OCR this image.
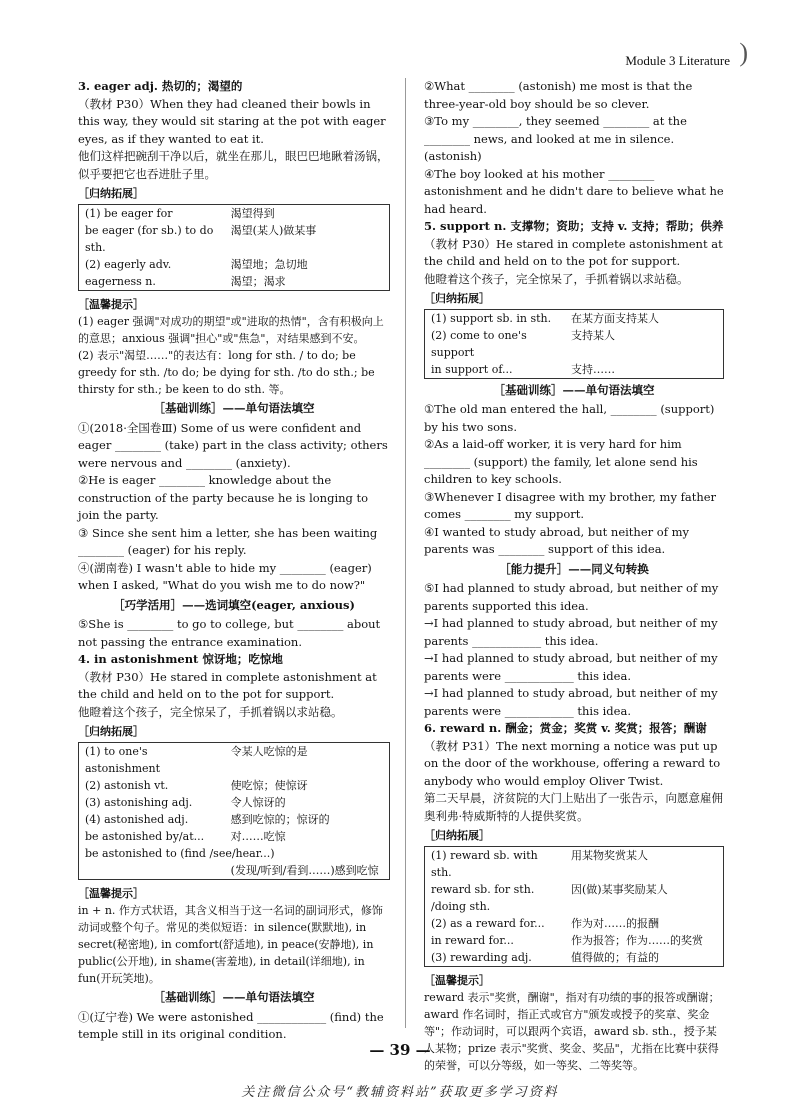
Module 3 Literature )

3. eager adj. 热切的；渴望的

（教材 P30）When they had cleaned their bowls in this way, they would sit staring at the pot with eager eyes, as if they wanted to eat it.

他们这样把碗刮干净以后，就坐在那儿，眼巴巴地瞅着汤锅，似乎要把它也吞进肚子里。

［归纳拓展］
(1) be eager for	渴望得到
be eager (for sb.) to do sth.	渴望(某人)做某事
(2) eagerly adv.	渴望地；急切地
eagerness n.	渴望；渴求
［温馨提示］

(1) eager 强调"对成功的期望"或"进取的热情"，含有积极向上的意思；anxious 强调"担心"或"焦急"，对结果感到不安。

(2) 表示"渴望……"的表达有：long for sth. / to do; be greedy for sth. /to do; be dying for sth. /to do sth.; be thirsty for sth.; be keen to do sth. 等。

［基础训练］——单句语法填空

①(2018·全国卷Ⅲ) Some of us were confident and eager ________ (take) part in the class activity; others were nervous and ________ (anxiety).

②He is eager ________ knowledge about the construction of the party because he is longing to join the party.

③ Since she sent him a letter, she has been waiting ________ (eager) for his reply.

④(湖南卷) I wasn't able to hide my ________ (eager) when I asked, "What do you wish me to do now?"

［巧学活用］——选词填空(eager, anxious)

⑤She is ________ to go to college, but ________ about not passing the entrance examination.

4. in astonishment 惊讶地；吃惊地

（教材 P30）He stared in complete astonishment at the child and held on to the pot for support.

他瞪着这个孩子，完全惊呆了，手抓着锅以求站稳。

［归纳拓展］
(1) to one's astonishment	令某人吃惊的是
(2) astonish vt.	使吃惊；使惊讶
(3) astonishing adj.	令人惊讶的
(4) astonished adj.	感到吃惊的；惊讶的
be astonished by/at...	对……吃惊
be astonished to (find /see/hear...)	
	(发现/听到/看到……)感到吃惊
［温馨提示］

in + n. 作方式状语，其含义相当于这一名词的副词形式，修饰动词或整个句子。常见的类似短语：in silence(默默地), in secret(秘密地), in comfort(舒适地), in peace(安静地), in public(公开地), in shame(害羞地), in detail(详细地), in fun(开玩笑地)。

［基础训练］——单句语法填空

①(辽宁卷) We were astonished ____________ (find) the temple still in its original condition.

②What ________ (astonish) me most is that the three-year-old boy should be so clever.

③To my ________, they seemed ________ at the ________ news, and looked at me in silence. (astonish)

④The boy looked at his mother ________ astonishment and he didn't dare to believe what he had heard.

5. support n. 支撑物；资助；支持 v. 支持；帮助；供养

（教材 P30）He stared in complete astonishment at the child and held on to the pot for support.

他瞪着这个孩子，完全惊呆了，手抓着锅以求站稳。

［归纳拓展］
(1) support sb. in sth.	在某方面支持某人
(2) come to one's support	支持某人
in support of...	支持……

［基础训练］——单句语法填空

①The old man entered the hall, ________ (support) by his two sons.

②As a laid-off worker, it is very hard for him ________ (support) the family, let alone send his children to key schools.

③Whenever I disagree with my brother, my father comes ________ my support.

④I wanted to study abroad, but neither of my parents was ________ support of this idea.

［能力提升］——同义句转换

⑤I had planned to study abroad, but neither of my parents supported this idea.

→I had planned to study abroad, but neither of my parents ____________ this idea.

→I had planned to study abroad, but neither of my parents were ____________ this idea.

→I had planned to study abroad, but neither of my parents were ____________ this idea.

6. reward n. 酬金；赏金；奖赏 v. 奖赏；报答；酬谢

（教材 P31）The next morning a notice was put up on the door of the workhouse, offering a reward to anybody who would employ Oliver Twist.

第二天早晨，济贫院的大门上贴出了一张告示，向愿意雇佣奥利弗·特威斯特的人提供奖赏。

［归纳拓展］
(1) reward sb. with sth.	用某物奖赏某人
reward sb. for sth. /doing sth.	因(做)某事奖励某人
(2) as a reward for...	作为对……的报酬
in reward for...	作为报答；作为……的奖赏
(3) rewarding adj.	值得做的；有益的
［温馨提示］

reward 表示"奖赏，酬谢"，指对有功绩的事的报答或酬谢；award 作名词时，指正式或官方"颁发或授予的奖章、奖金等"；作动词时，可以跟两个宾语，award sb. sth.，授予某人某物；prize 表示"奖赏、奖金、奖品"，尤指在比赛中获得的荣誉，可以分等级，如一等奖、二等奖等。

— 39 —
关注微信公众号“教辅资料站”获取更多学习资料
